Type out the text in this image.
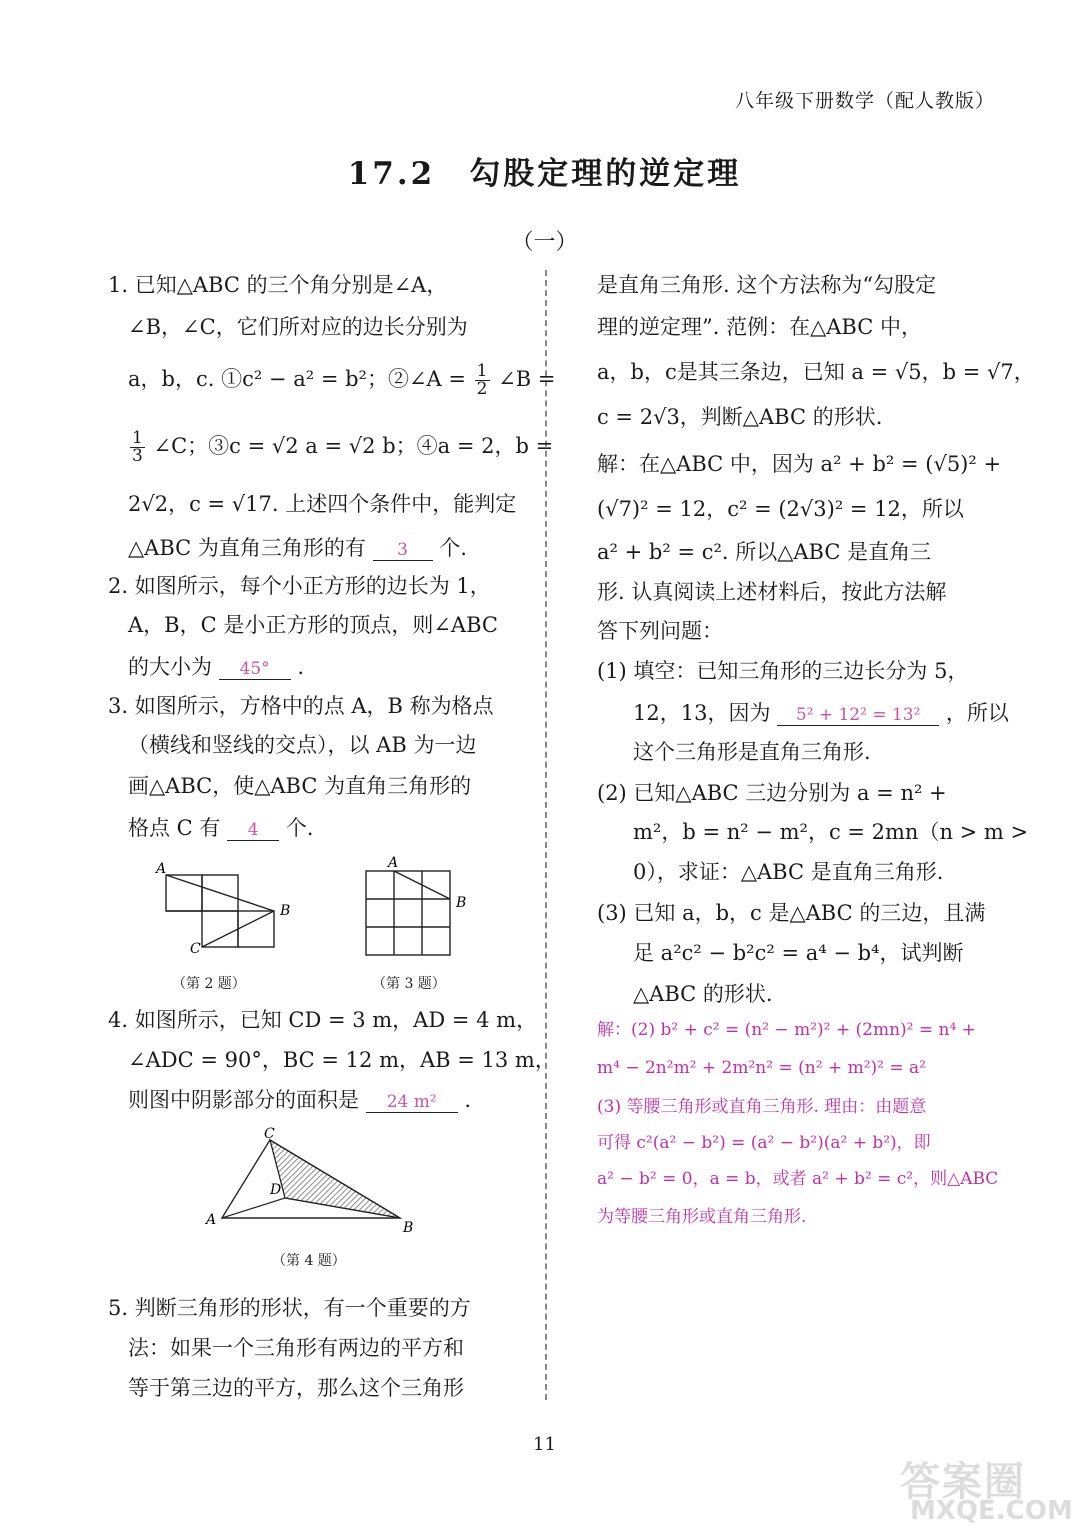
八年级下册数学（配人教版）
17.2　勾股定理的逆定理
（一）
1. 已知△ABC 的三个角分别是∠A，
∠B，∠C，它们所对应的边长分别为
a，b，c. ①c² − a² = b²；②∠A = $\frac{1}{2}$ ∠B =
$\frac{1}{3}$ ∠C；③c = √2 a = √2 b；④a = 2，b =
2√2，c = √17. 上述四个条件中，能判定
△ABC 为直角三角形的有 3 个.
2. 如图所示，每个小正方形的边长为 1，
A，B，C 是小正方形的顶点，则∠ABC
的大小为 45° .
3. 如图所示，方格中的点 A，B 称为格点
（横线和竖线的交点），以 AB 为一边
画△ABC，使△ABC 为直角三角形的
格点 C 有 4 个.
A
B
C
（第 2 题）
A
B
（第 3 题）
4. 如图所示，已知 CD = 3 m，AD = 4 m，
∠ADC = 90°，BC = 12 m，AB = 13 m，
则图中阴影部分的面积是 24 m² .
C
D
A	B
（第 4 题）
5. 判断三角形的形状，有一个重要的方
法：如果一个三角形有两边的平方和
等于第三边的平方，那么这个三角形
是直角三角形. 这个方法称为“勾股定
理的逆定理”. 范例：在△ABC 中，
a，b，c是其三条边，已知 a = √5，b = √7，
c = 2√3，判断△ABC 的形状.
解：在△ABC 中，因为 a² + b² = (√5)² +
(√7)² = 12，c² = (2√3)² = 12，所以
a² + b² = c². 所以△ABC 是直角三
形. 认真阅读上述材料后，按此方法解
答下列问题：
(1) 填空：已知三角形的三边长分为 5，
12，13，因为 5² + 12² = 13² ，所以
这个三角形是直角三角形.
(2) 已知△ABC 三边分别为 a = n² +
m²，b = n² − m²，c = 2mn（n > m >
0），求证：△ABC 是直角三角形.
(3) 已知 a，b，c 是△ABC 的三边，且满
足 a²c² − b²c² = a⁴ − b⁴，试判断
△ABC 的形状.
解：(2) b² + c² = (n² − m²)² + (2mn)² = n⁴ +
m⁴ − 2n²m² + 2m²n² = (n² + m²)² = a²
(3) 等腰三角形或直角三角形. 理由：由题意
可得 c²(a² − b²) = (a² − b²)(a² + b²)，即
a² − b² = 0，a = b，或者 a² + b² = c²，则△ABC
为等腰三角形或直角三角形.
11
答案圈
MXQE.COM
